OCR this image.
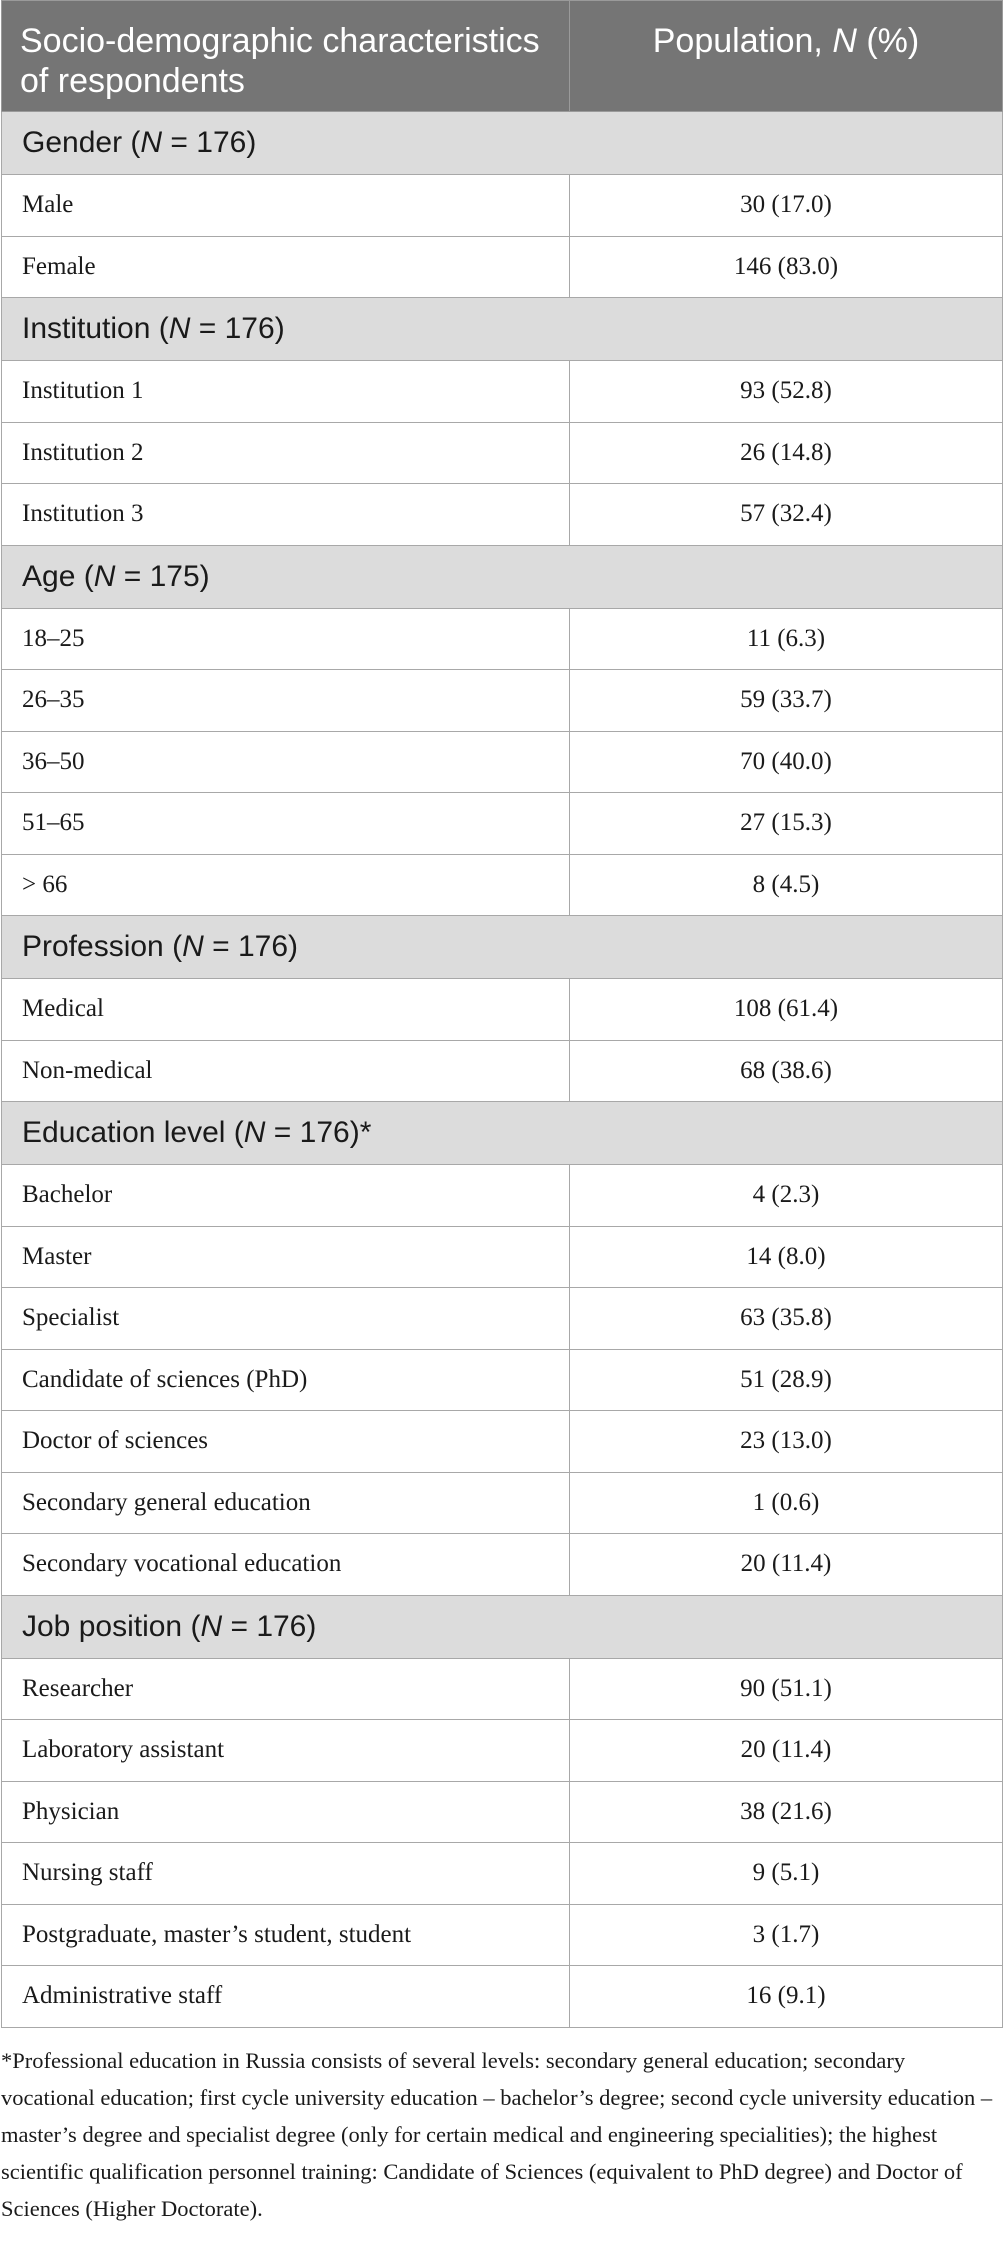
Socio-demographic characteristics of respondents	Population, N (%)
Gender (N = 176)	
Male	30 (17.0)
Female	146 (83.0)
Institution (N = 176)	
Institution 1	93 (52.8)
Institution 2	26 (14.8)
Institution 3	57 (32.4)
Age (N = 175)	
18–25	11 (6.3)
26–35	59 (33.7)
36–50	70 (40.0)
51–65	27 (15.3)
> 66	8 (4.5)
Profession (N = 176)	
Medical	108 (61.4)
Non-medical	68 (38.6)
Education level (N = 176)*	
Bachelor	4 (2.3)
Master	14 (8.0)
Specialist	63 (35.8)
Candidate of sciences (PhD)	51 (28.9)
Doctor of sciences	23 (13.0)
Secondary general education	1 (0.6)
Secondary vocational education	20 (11.4)
Job position (N = 176)	
Researcher	90 (51.1)
Laboratory assistant	20 (11.4)
Physician	38 (21.6)
Nursing staff	9 (5.1)
Postgraduate, master’s student, student	3 (1.7)
Administrative staff	16 (9.1)
*Professional education in Russia consists of several levels: secondary general education; secondary vocational education; first cycle university education – bachelor’s degree; second cycle university education – master’s degree and specialist degree (only for certain medical and engineering specialities); the highest scientific qualification personnel training: Candidate of Sciences (equivalent to PhD degree) and Doctor of Sciences (Higher Doctorate).
